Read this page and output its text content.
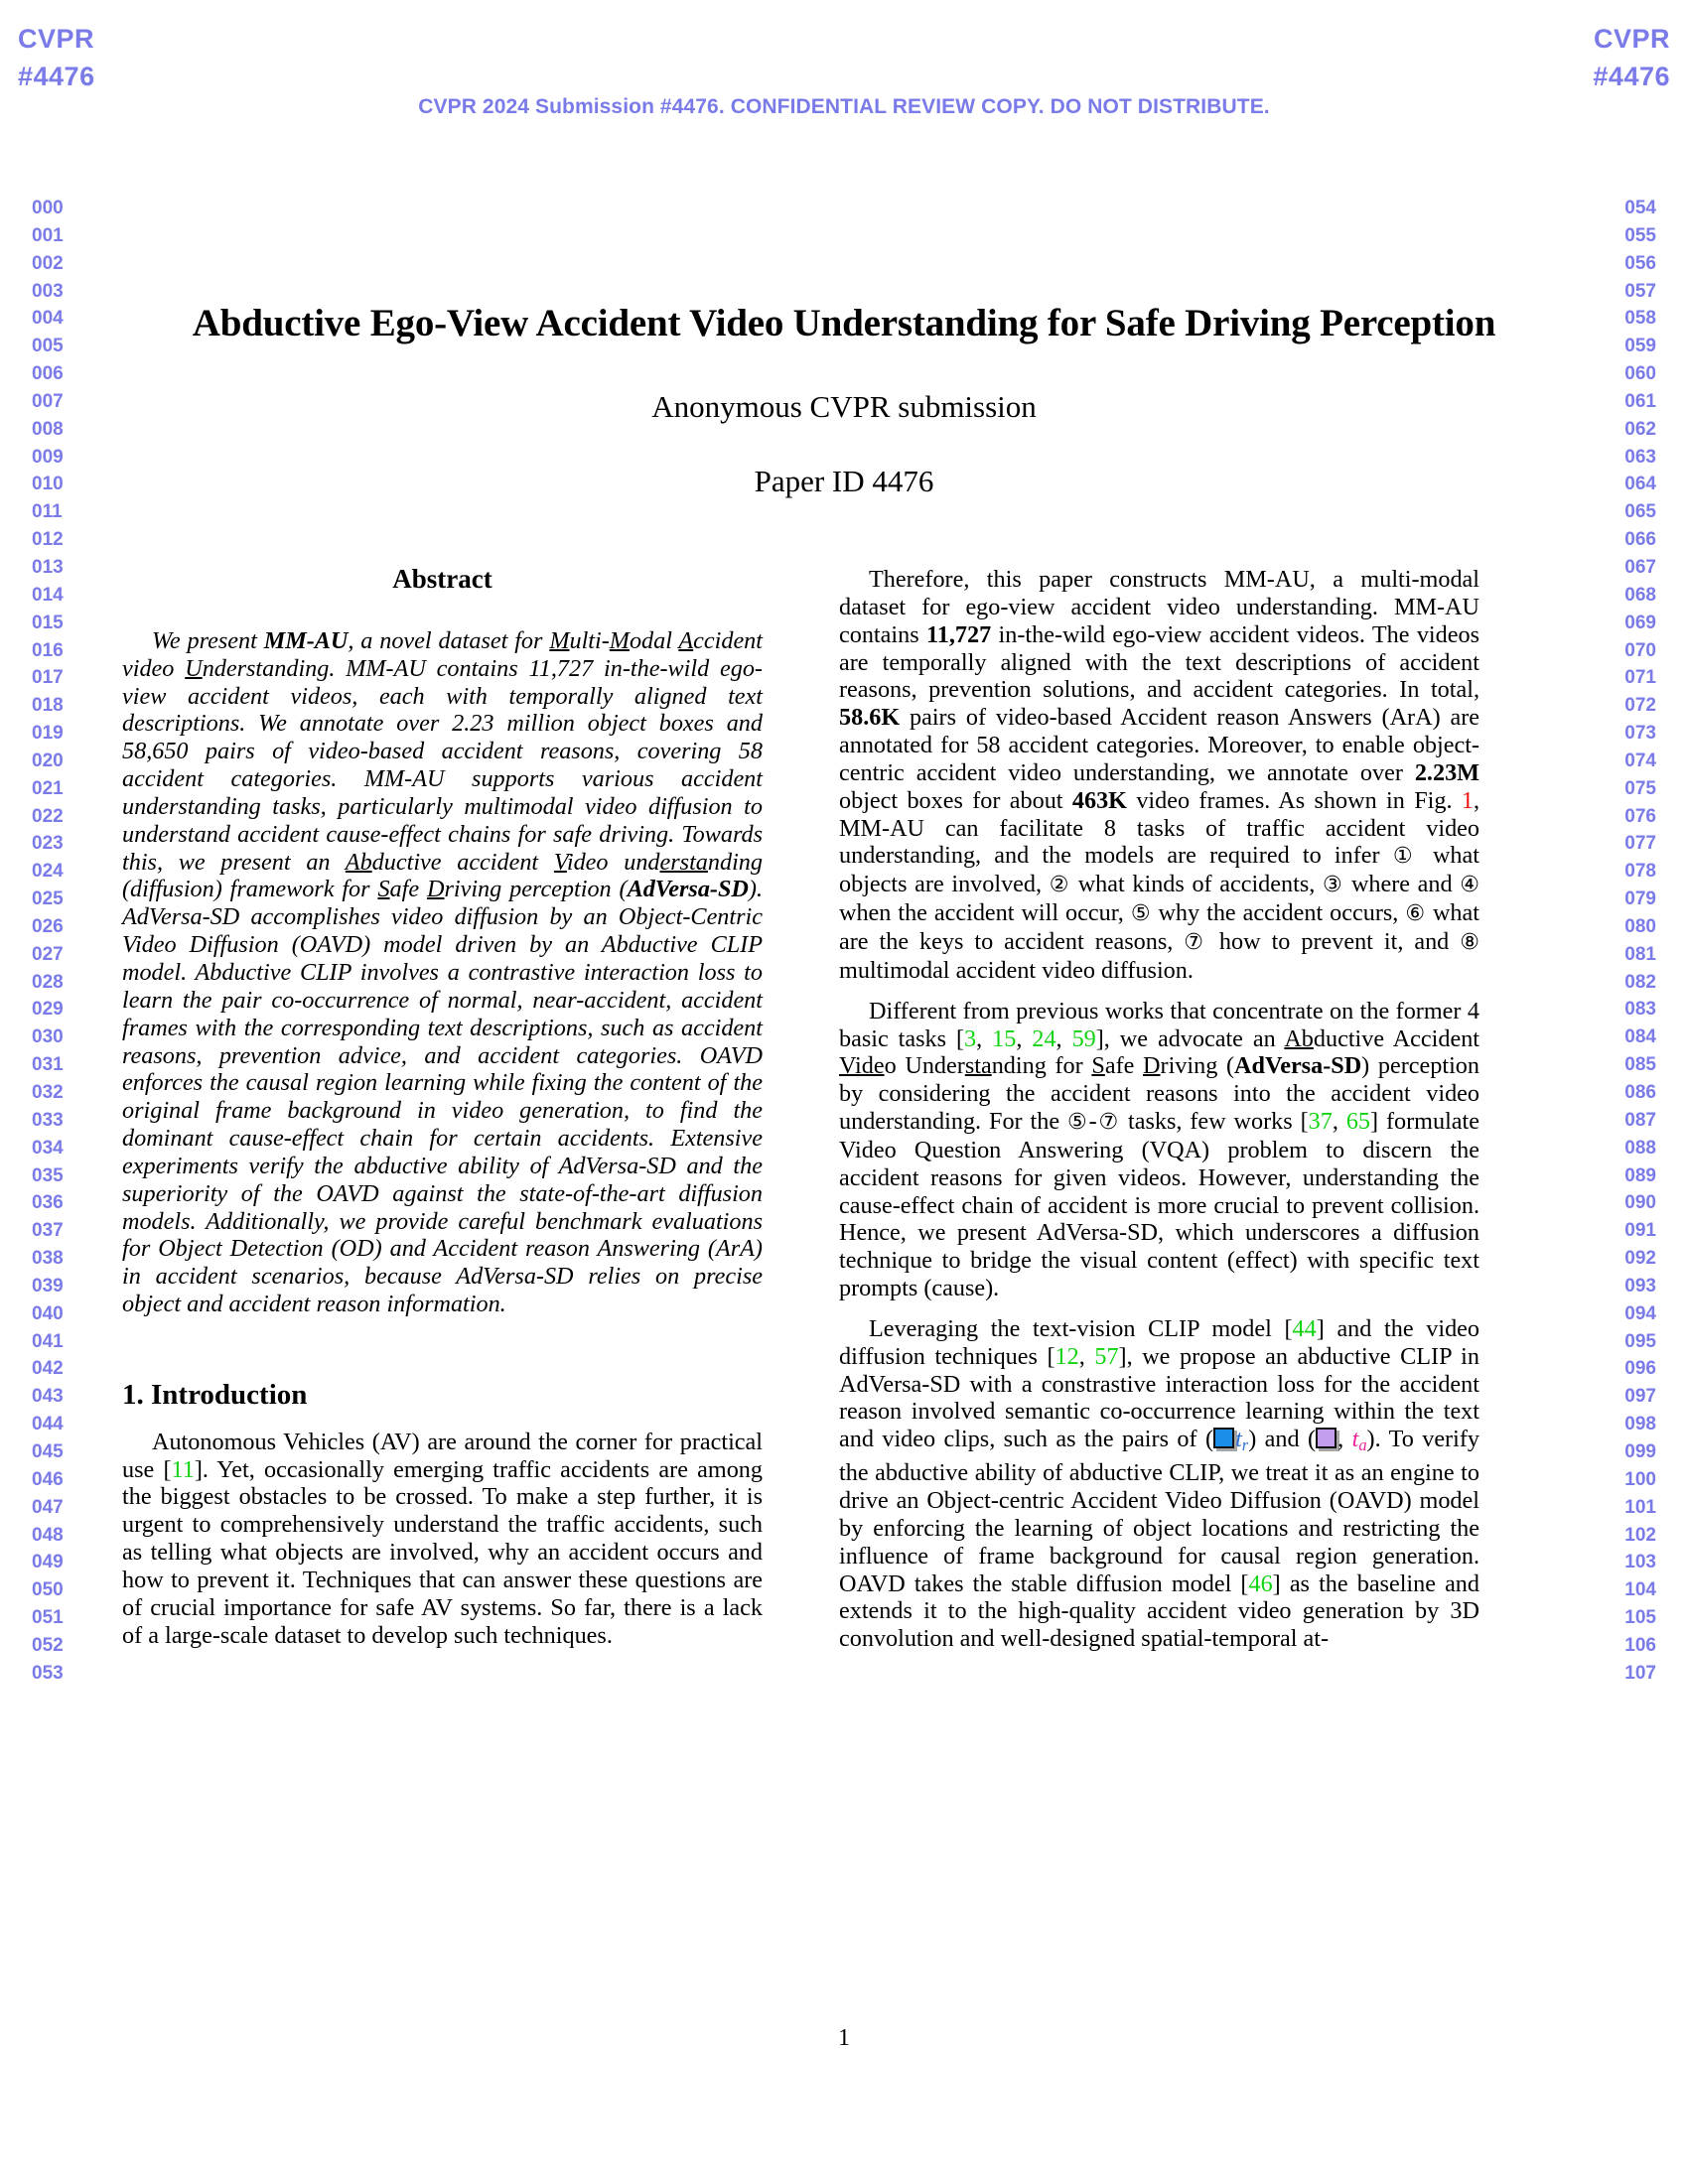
CVPR
#4476
CVPR
#4476
CVPR 2024 Submission #4476. CONFIDENTIAL REVIEW COPY. DO NOT DISTRIBUTE.
000
001
002
003
004
005
006
007
008
009
010
011
012
013
014
015
016
017
018
019
020
021
022
023
024
025
026
027
028
029
030
031
032
033
034
035
036
037
038
039
040
041
042
043
044
045
046
047
048
049
050
051
052
053
054
055
056
057
058
059
060
061
062
063
064
065
066
067
068
069
070
071
072
073
074
075
076
077
078
079
080
081
082
083
084
085
086
087
088
089
090
091
092
093
094
095
096
097
098
099
100
101
102
103
104
105
106
107
Abductive Ego-View Accident Video Understanding for Safe Driving Perception
Anonymous CVPR submission
Paper ID 4476
Abstract

We present MM-AU, a novel dataset for Multi-Modal Accident video Understanding. MM-AU contains 11,727 in-the-wild ego-view accident videos, each with temporally aligned text descriptions. We annotate over 2.23 million object boxes and 58,650 pairs of video-based accident reasons, covering 58 accident categories. MM-AU supports various accident understanding tasks, particularly multimodal video diffusion to understand accident cause-effect chains for safe driving. Towards this, we present an Abductive accident Video understanding (diffusion) framework for Safe Driving perception (AdVersa-SD). AdVersa-SD accomplishes video diffusion by an Object-Centric Video Diffusion (OAVD) model driven by an Abductive CLIP model. Abductive CLIP involves a contrastive interaction loss to learn the pair co-occurrence of normal, near-accident, accident frames with the corresponding text descriptions, such as accident reasons, prevention advice, and accident categories. OAVD enforces the causal region learning while fixing the content of the original frame background in video generation, to find the dominant cause-effect chain for certain accidents. Extensive experiments verify the abductive ability of AdVersa-SD and the superiority of the OAVD against the state-of-the-art diffusion models. Additionally, we provide careful benchmark evaluations for Object Detection (OD) and Accident reason Answering (ArA) in accident scenarios, because AdVersa-SD relies on precise object and accident reason information.

1. Introduction

Autonomous Vehicles (AV) are around the corner for practical use [11]. Yet, occasionally emerging traffic accidents are among the biggest obstacles to be crossed. To make a step further, it is urgent to comprehensively understand the traffic accidents, such as telling what objects are involved, why an accident occurs and how to prevent it. Techniques that can answer these questions are of crucial importance for safe AV systems. So far, there is a lack of a large-scale dataset to develop such techniques.

Therefore, this paper constructs MM-AU, a multi-modal dataset for ego-view accident video understanding. MM-AU contains 11,727 in-the-wild ego-view accident videos. The videos are temporally aligned with the text descriptions of accident reasons, prevention solutions, and accident categories. In total, 58.6K pairs of video-based Accident reason Answers (ArA) are annotated for 58 accident categories. Moreover, to enable object-centric accident video understanding, we annotate over 2.23M object boxes for about 463K video frames. As shown in Fig. 1, MM-AU can facilitate 8 tasks of traffic accident video understanding, and the models are required to infer ① what objects are involved, ② what kinds of accidents, ③ where and ④ when the accident will occur, ⑤ why the accident occurs, ⑥ what are the keys to accident reasons, ⑦ how to prevent it, and ⑧ multimodal accident video diffusion.

Different from previous works that concentrate on the former 4 basic tasks [3, 15, 24, 59], we advocate an Abductive Accident Video Understanding for Safe Driving (AdVersa-SD) perception by considering the accident reasons into the accident video understanding. For the ⑤-⑦ tasks, few works [37, 65] formulate Video Question Answering (VQA) problem to discern the accident reasons for given videos. However, understanding the cause-effect chain of accident is more crucial to prevent collision. Hence, we present AdVersa-SD, which underscores a diffusion technique to bridge the visual content (effect) with specific text prompts (cause).

Leveraging the text-vision CLIP model [44] and the video diffusion techniques [12, 57], we propose an abductive CLIP in AdVersa-SD with a constrastive interaction loss for the accident reason involved semantic co-occurrence learning within the text and video clips, such as the pairs of ( $t_r$) and ( , $t_a$). To verify the abductive ability of abductive CLIP, we treat it as an engine to drive an Object-centric Accident Video Diffusion (OAVD) model by enforcing the learning of object locations and restricting the influence of frame background for causal region generation. OAVD takes the stable diffusion model [46] as the baseline and extends it to the high-quality accident video generation by 3D convolution and well-designed spatial-temporal at-

1
